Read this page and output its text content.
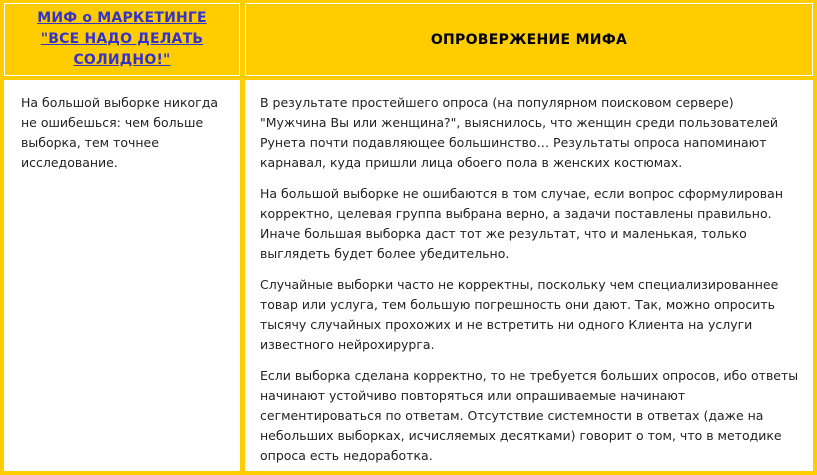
МИФ о МАРКЕТИНГЕ
"ВСЕ НАДО ДЕЛАТЬ
СОЛИДНО!"
ОПРОВЕРЖЕНИЕ МИФА

На большой выборке никогда не ошибешься: чем больше выборка, тем точнее исследование.

В результате простейшего опроса (на популярном поисковом сервере) "Мужчина Вы или женщина?", выяснилось, что женщин среди пользователей Рунета почти подавляющее большинство… Результаты опроса напоминают карнавал, куда пришли лица обоего пола в женских костюмах.

На большой выборке не ошибаются в том случае, если вопрос сформулирован корректно, целевая группа выбрана верно, а задачи поставлены правильно. Иначе большая выборка даст тот же результат, что и маленькая, только выглядеть будет более убедительно.

Случайные выборки часто не корректны, поскольку чем специализированнее товар или услуга, тем большую погрешность они дают. Так, можно опросить тысячу случайных прохожих и не встретить ни одного Клиента на услуги известного нейрохирурга.

Если выборка сделана корректно, то не требуется больших опросов, ибо ответы начинают устойчиво повторяться или опрашиваемые начинают сегментироваться по ответам. Отсутствие системности в ответах (даже на небольших выборках, исчисляемых десятками) говорит о том, что в методике опроса есть недоработка.
